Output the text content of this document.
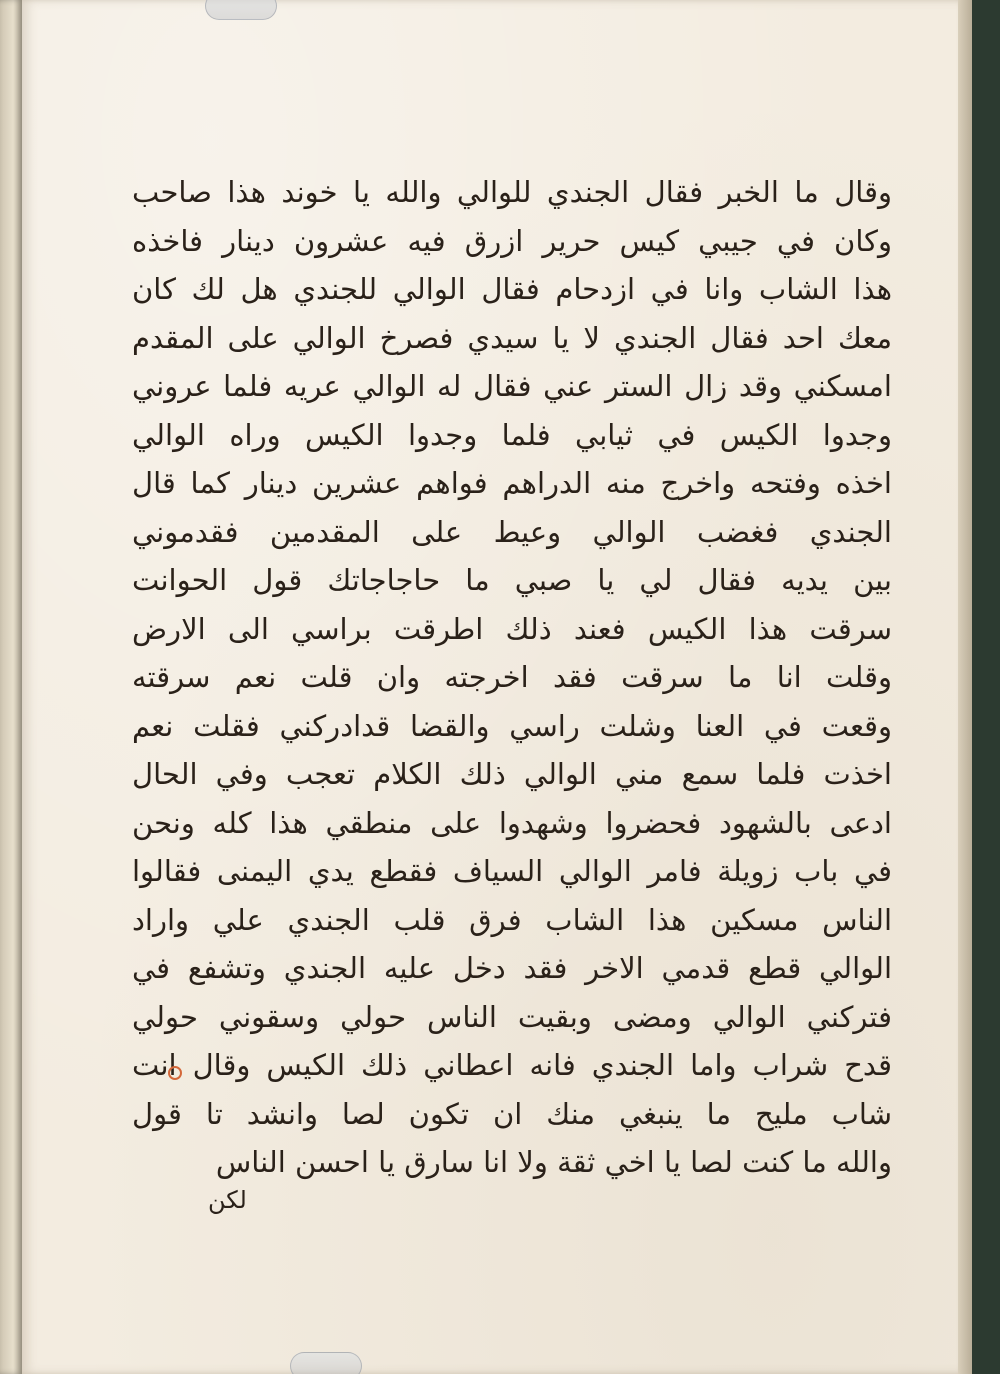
وقال ما الخبر فقال الجندي للوالي والله يا خوند هذا صاحب
وكان في جيبي كيس حرير ازرق فيه عشرون دينار فاخذه
هذا الشاب وانا في ازدحام فقال الوالي للجندي هل لك كان
معك احد فقال الجندي لا يا سيدي فصرخ الوالي على المقدم
امسكني وقد زال الستر عني فقال له الوالي عريه فلما عروني
وجدوا الكيس في ثيابي فلما وجدوا الكيس وراه الوالي
اخذه وفتحه واخرج منه الدراهم فواهم عشرين دينار كما قال
الجندي فغضب الوالي وعيط على المقدمين فقدموني
بين يديه فقال لي يا صبي ما حاجاجاتك قول الحوانت
سرقت هذا الكيس فعند ذلك اطرقت براسي الى الارض
وقلت انا ما سرقت فقد اخرجته وان قلت نعم سرقته
وقعت في العنا وشلت راسي والقضا قدادركني فقلت نعم
اخذت فلما سمع مني الوالي ذلك الكلام تعجب وفي الحال
ادعى بالشهود فحضروا وشهدوا على منطقي هذا كله ونحن
في باب زويلة فامر الوالي السياف فقطع يدي اليمنى فقالوا
الناس مسكين هذا الشاب فرق قلب الجندي علي واراد
الوالي قطع قدمي الاخر فقد دخل عليه الجندي وتشفع في
فتركني الوالي ومضى وبقيت الناس حولي وسقوني حولي
قدح شراب واما الجندي فانه اعطاني ذلك الكيس وقال انت
شاب مليح ما ينبغي منك ان تكون لصا وانشد تا قول
والله ما كنت لصا يا اخي ثقة ولا انا سارق يا احسن الناس
لكن
